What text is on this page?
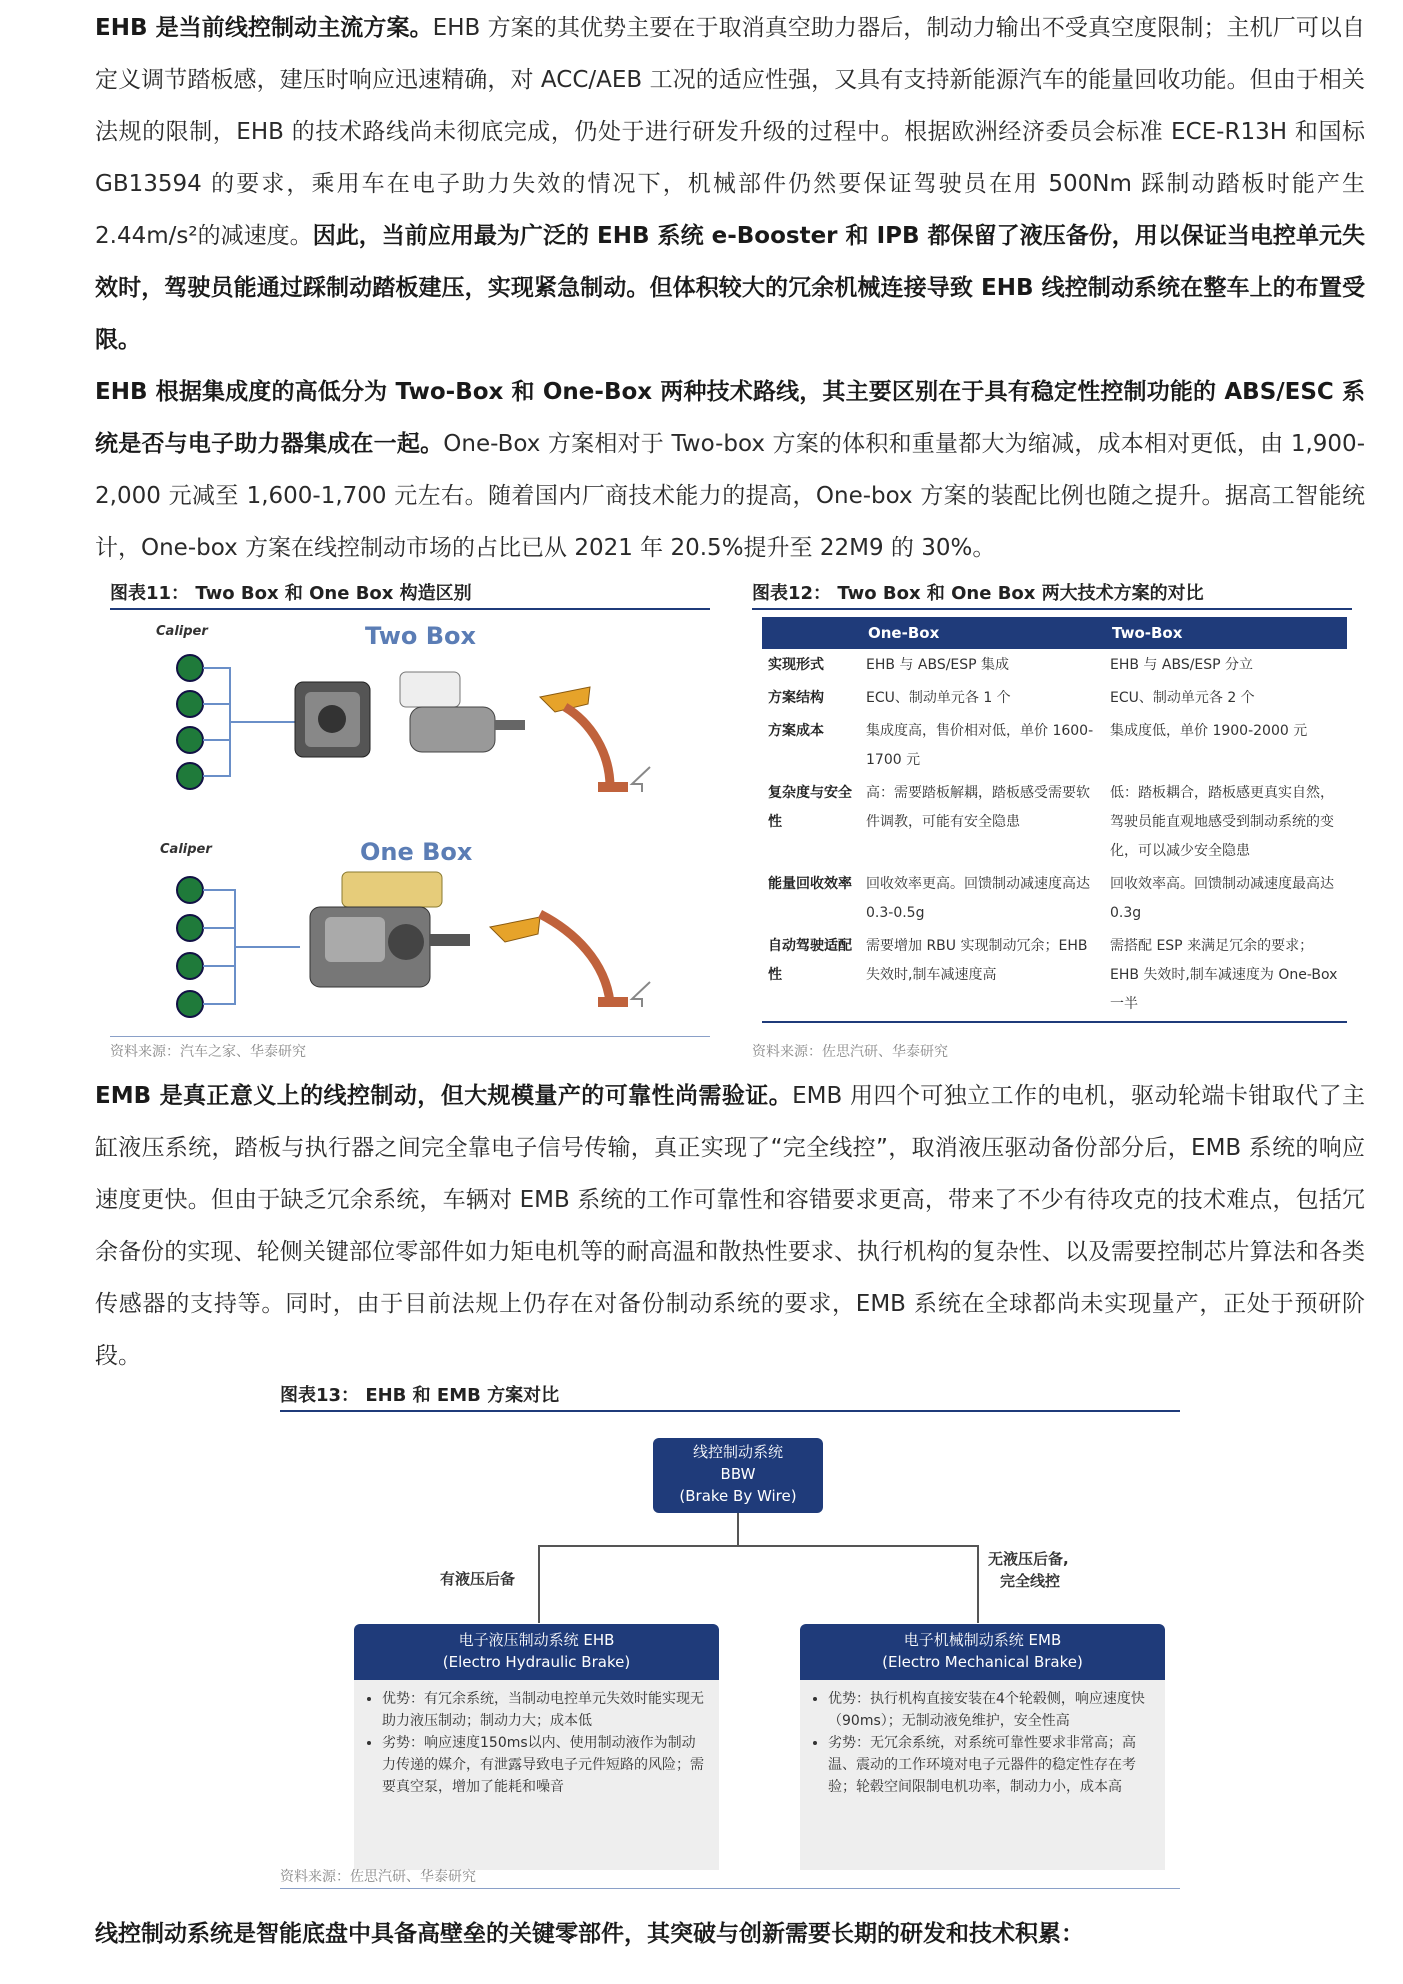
EHB 是当前线控制动主流方案。EHB 方案的其优势主要在于取消真空助力器后，制动力输出不受真空度限制；主机厂可以自定义调节踏板感，建压时响应迅速精确，对 ACC/AEB 工况的适应性强，又具有支持新能源汽车的能量回收功能。但由于相关法规的限制，EHB 的技术路线尚未彻底完成，仍处于进行研发升级的过程中。根据欧洲经济委员会标准 ECE-R13H 和国标 GB13594 的要求，乘用车在电子助力失效的情况下，机械部件仍然要保证驾驶员在用 500Nm 踩制动踏板时能产生 2.44m/s²的减速度。因此，当前应用最为广泛的 EHB 系统 e-Booster 和 IPB 都保留了液压备份，用以保证当电控单元失效时，驾驶员能通过踩制动踏板建压，实现紧急制动。但体积较大的冗余机械连接导致 EHB 线控制动系统在整车上的布置受限。

EHB 根据集成度的高低分为 Two-Box 和 One-Box 两种技术路线，其主要区别在于具有稳定性控制功能的 ABS/ESC 系统是否与电子助力器集成在一起。One-Box 方案相对于 Two-box 方案的体积和重量都大为缩减，成本相对更低，由 1,900-2,000 元减至 1,600-1,700 元左右。随着国内厂商技术能力的提高，One-box 方案的装配比例也随之提升。据高工智能统计，One-box 方案在线控制动市场的占比已从 2021 年 20.5%提升至 22M9 的 30%。

图表11： Two Box 和 One Box 构造区别

Caliper	Two Box
Caliper	One Box

资料来源：汽车之家、华泰研究

图表12： Two Box 和 One Box 两大技术方案的对比

	One-Box	Two-Box
实现形式	EHB 与 ABS/ESP 集成	EHB 与 ABS/ESP 分立
方案结构	ECU、制动单元各 1 个	ECU、制动单元各 2 个
方案成本	集成度高，售价相对低，单价 1600-1700 元	集成度低，单价 1900-2000 元
复杂度与安全性	高：需要踏板解耦，踏板感受需要软件调教，可能有安全隐患	低：踏板耦合，踏板感更真实自然，驾驶员能直观地感受到制动系统的变化，可以减少安全隐患
能量回收效率	回收效率更高。回馈制动减速度高达 0.3-0.5g	回收效率高。回馈制动减速度最高达 0.3g
自动驾驶适配性	需要增加 RBU 实现制动冗余；EHB 失效时,制车减速度高	需搭配 ESP 来满足冗余的要求；EHB 失效时,制车减速度为 One-Box 一半

资料来源：佐思汽研、华泰研究

EMB 是真正意义上的线控制动，但大规模量产的可靠性尚需验证。EMB 用四个可独立工作的电机，驱动轮端卡钳取代了主缸液压系统，踏板与执行器之间完全靠电子信号传输，真正实现了“完全线控”，取消液压驱动备份部分后，EMB 系统的响应速度更快。但由于缺乏冗余系统，车辆对 EMB 系统的工作可靠性和容错要求更高，带来了不少有待攻克的技术难点，包括冗余备份的实现、轮侧关键部位零部件如力矩电机等的耐高温和散热性要求、执行机构的复杂性、以及需要控制芯片算法和各类传感器的支持等。同时，由于目前法规上仍存在对备份制动系统的要求，EMB 系统在全球都尚未实现量产，正处于预研阶段。

图表13： EHB 和 EMB 方案对比

线控制动系统
BBW
(Brake By Wire)
有液压后备
无液压后备,
完全线控
电子液压制动系统 EHB
(Electro Hydraulic Brake)
• 优势：有冗余系统，当制动电控单元失效时能实现无助力液压制动；制动力大；成本低
• 劣势：响应速度150ms以内、使用制动液作为制动力传递的媒介，有泄露导致电子元件短路的风险；需要真空泵，增加了能耗和噪音
电子机械制动系统 EMB
(Electro Mechanical Brake)
• 优势：执行机构直接安装在4个轮毂侧，响应速度快（90ms）；无制动液免维护，安全性高
• 劣势：无冗余系统，对系统可靠性要求非常高；高温、震动的工作环境对电子元器件的稳定性存在考验；轮毂空间限制电机功率，制动力小，成本高

资料来源：佐思汽研、华泰研究

线控制动系统是智能底盘中具备高壁垒的关键零部件，其突破与创新需要长期的研发和技术积累：
